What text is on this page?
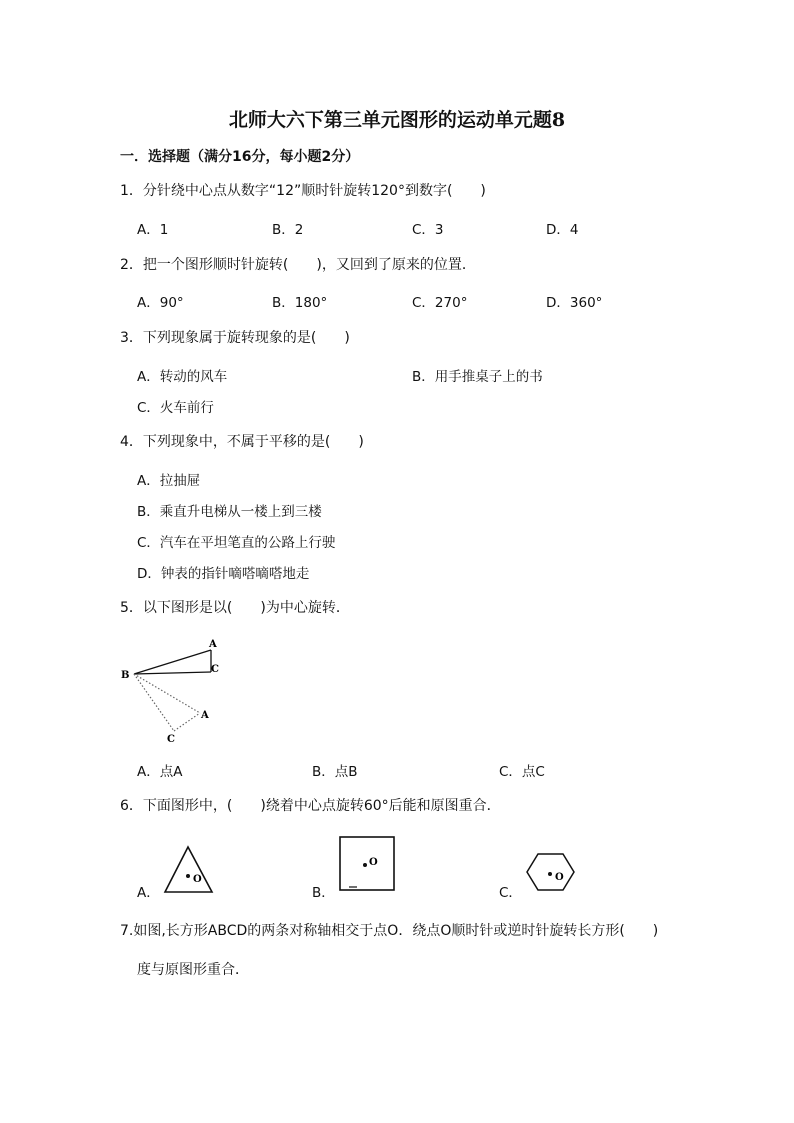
北师大六下第三单元图形的运动单元题8
一．选择题（满分16分，每小题2分）
1．分针绕中心点从数字“12”顺时针旋转120°到数字(　　)
A．1	B．2	C．3	D．4
2．把一个图形顺时针旋转(　　)，又回到了原来的位置．
A．90°	B．180°	C．270°	D．360°
3．下列现象属于旋转现象的是(　　)
A．转动的风车	B．用手推桌子上的书
C．火车前行
4．下列现象中，不属于平移的是(　　)
A．拉抽屉
B．乘直升电梯从一楼上到三楼
C．汽车在平坦笔直的公路上行驶
D．钟表的指针嘀嗒嘀嗒地走
5．以下图形是以(　　)为中心旋转．
A
B
C
A
C
A．点A	B．点B	C．点C
6．下面图形中，(　　)绕着中心点旋转60°后能和原图重合．
A．
O
B．
O
C．
O
7.如图,长方形ABCD的两条对称轴相交于点O．绕点O顺时针或逆时针旋转长方形(　　)
度与原图形重合．
